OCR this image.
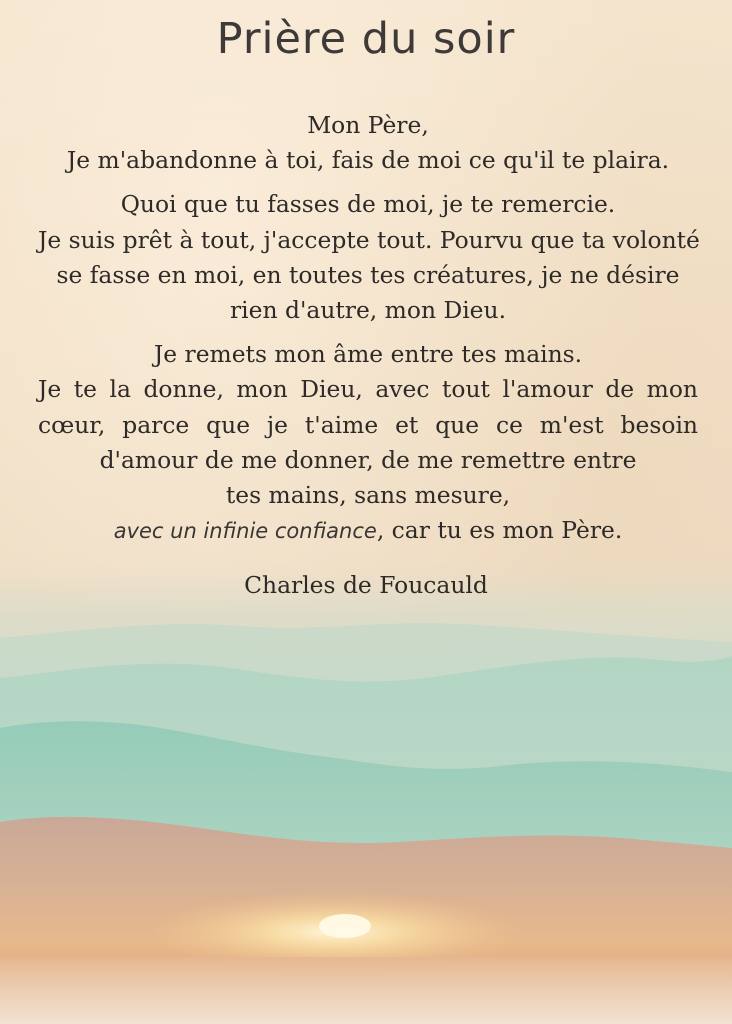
Prière du soir
Mon Père,
Je m'abandonne à toi, fais de moi ce qu'il te plaira.
Quoi que tu fasses de moi, je te remercie.
Je suis prêt à tout, j'accepte tout. Pourvu que ta volonté
se fasse en moi, en toutes tes créatures, je ne désire
rien d'autre, mon Dieu.
Je remets mon âme entre tes mains.
Je te la donne, mon Dieu, avec tout l'amour de mon
cœur, parce que je t'aime et que ce m'est besoin
d'amour de me donner, de me remettre entre
tes mains, sans mesure,
avec un infinie confiance, car tu es mon Père.
Charles de Foucauld
